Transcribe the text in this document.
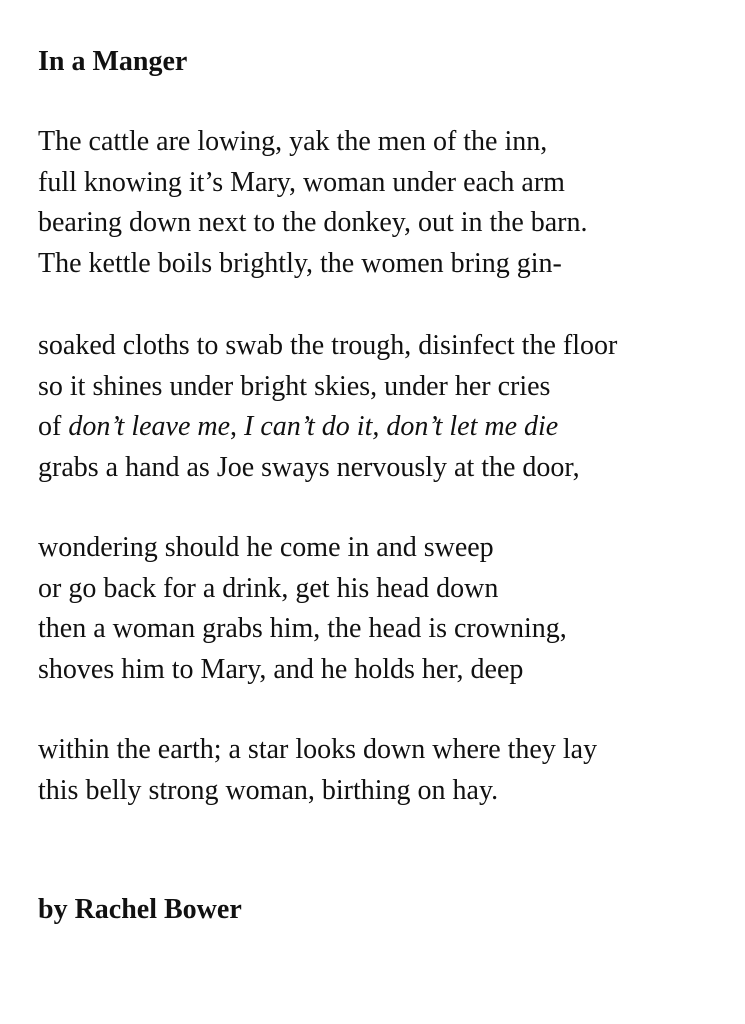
In a Manger
The cattle are lowing, yak the men of the inn,
full knowing it’s Mary, woman under each arm
bearing down next to the donkey, out in the barn.
The kettle boils brightly, the women bring gin-
soaked cloths to swab the trough, disinfect the floor
so it shines under bright skies, under her cries
of don’t leave me, I can’t do it, don’t let me die
grabs a hand as Joe sways nervously at the door,
wondering should he come in and sweep
or go back for a drink, get his head down
then a woman grabs him, the head is crowning,
shoves him to Mary, and he holds her, deep
within the earth; a star looks down where they lay
this belly strong woman, birthing on hay.
by Rachel Bower
